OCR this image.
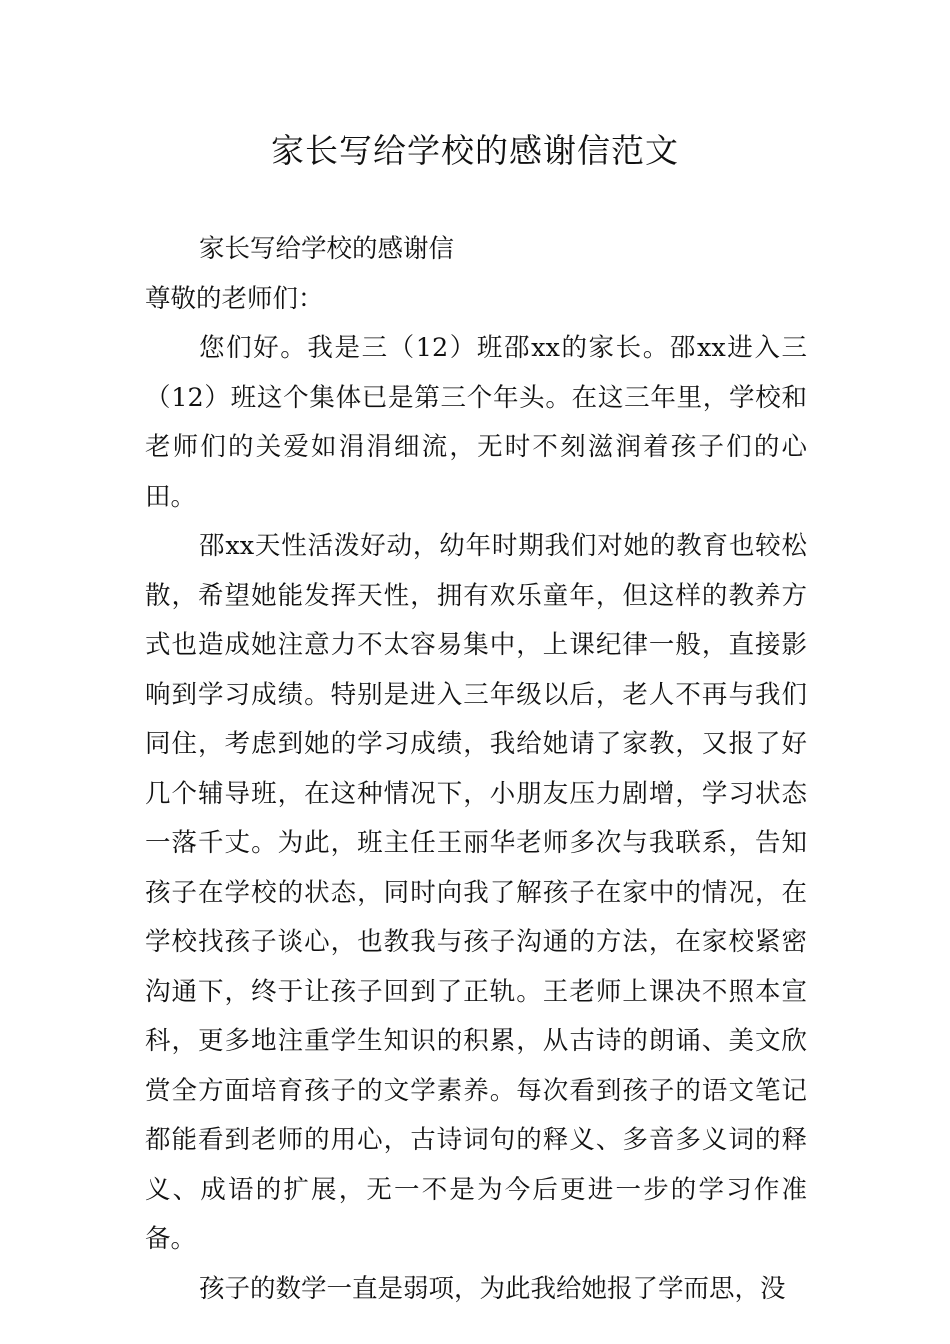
家长写给学校的感谢信范文

家长写给学校的感谢信

尊敬的老师们：

您们好。我是三（12）班邵xx的家长。邵xx进入三（12）班这个集体已是第三个年头。在这三年里，学校和老师们的关爱如涓涓细流，无时不刻滋润着孩子们的心田。

邵xx天性活泼好动，幼年时期我们对她的教育也较松散，希望她能发挥天性，拥有欢乐童年，但这样的教养方式也造成她注意力不太容易集中，上课纪律一般，直接影响到学习成绩。特别是进入三年级以后，老人不再与我们同住，考虑到她的学习成绩，我给她请了家教，又报了好几个辅导班，在这种情况下，小朋友压力剧增，学习状态一落千丈。为此，班主任王丽华老师多次与我联系，告知孩子在学校的状态，同时向我了解孩子在家中的情况，在学校找孩子谈心，也教我与孩子沟通的方法，在家校紧密沟通下，终于让孩子回到了正轨。王老师上课决不照本宣科，更多地注重学生知识的积累，从古诗的朗诵、美文欣赏全方面培育孩子的文学素养。每次看到孩子的语文笔记都能看到老师的用心，古诗词句的释义、多音多义词的释义、成语的扩展，无一不是为今后更进一步的学习作准备。

孩子的数学一直是弱项，为此我给她报了学而思，没
